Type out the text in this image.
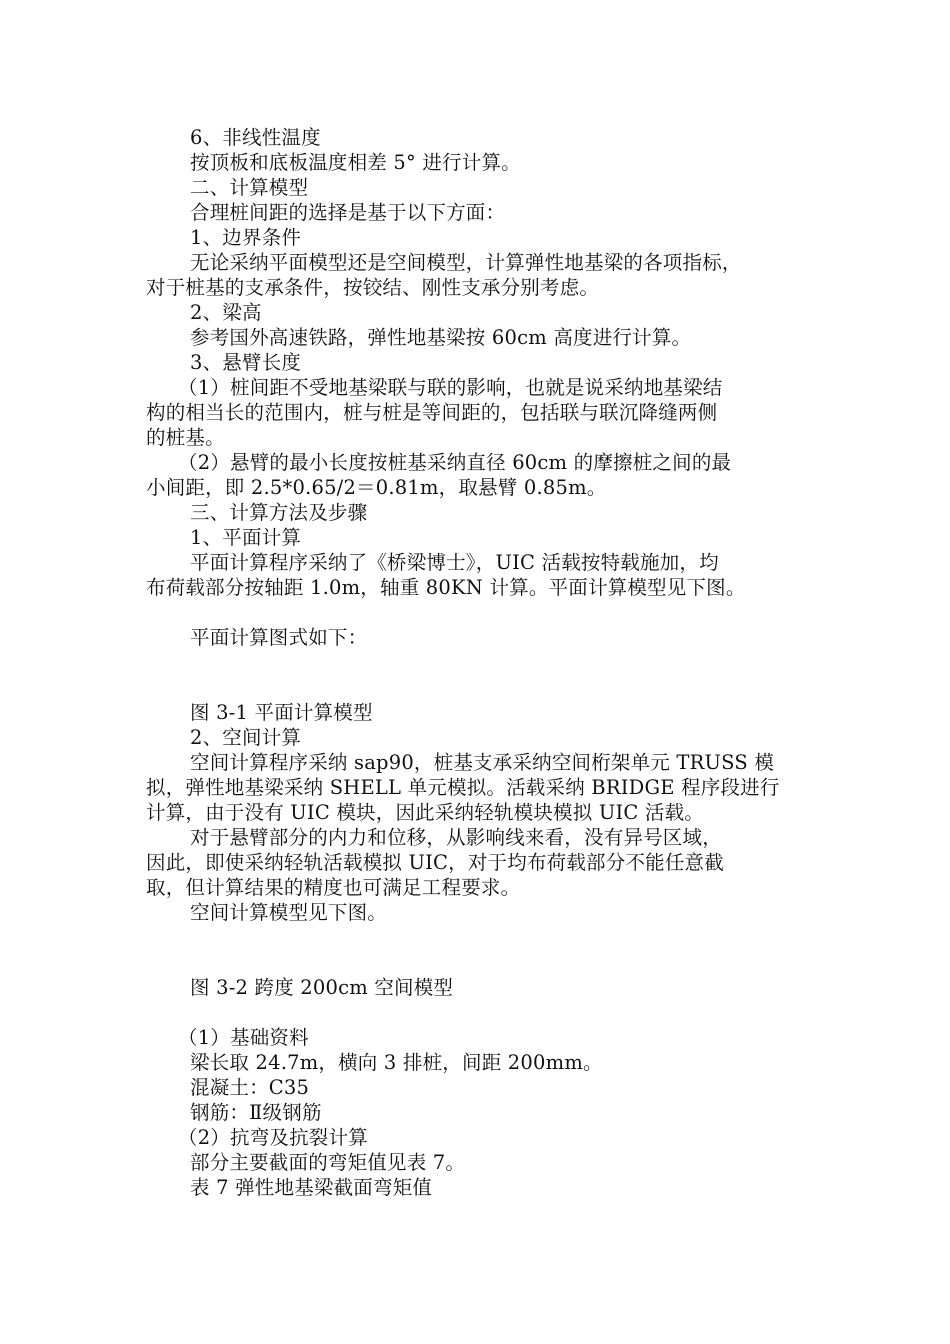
6、非线性温度
按顶板和底板温度相差 5° 进行计算。
二、计算模型
合理桩间距的选择是基于以下方面：
1、边界条件
无论采纳平面模型还是空间模型，计算弹性地基梁的各项指标，
对于桩基的支承条件，按铰结、刚性支承分别考虑。
2、梁高
参考国外高速铁路，弹性地基梁按 60cm 高度进行计算。
3、悬臂长度
（1）桩间距不受地基梁联与联的影响，也就是说采纳地基梁结
构的相当长的范围内，桩与桩是等间距的，包括联与联沉降缝两侧
的桩基。
（2）悬臂的最小长度按桩基采纳直径 60cm 的摩擦桩之间的最
小间距，即 2.5*0.65/2＝0.81m，取悬臂 0.85m。
三、计算方法及步骤
1、平面计算
平面计算程序采纳了《桥梁博士》，UIC 活载按特载施加，均
布荷载部分按轴距 1.0m，轴重 80KN 计算。平面计算模型见下图。
平面计算图式如下：
图 3-1 平面计算模型
2、空间计算
空间计算程序采纳 sap90，桩基支承采纳空间桁架单元 TRUSS 模
拟，弹性地基梁采纳 SHELL 单元模拟。活载采纳 BRIDGE 程序段进行
计算，由于没有 UIC 模块，因此采纳轻轨模块模拟 UIC 活载。
对于悬臂部分的内力和位移，从影响线来看，没有异号区域，
因此，即使采纳轻轨活载模拟 UIC，对于均布荷载部分不能任意截
取，但计算结果的精度也可满足工程要求。
空间计算模型见下图。
图 3-2 跨度 200cm 空间模型
（1）基础资料
梁长取 24.7m，横向 3 排桩，间距 200mm。
混凝土：C35
钢筋：Ⅱ级钢筋
（2）抗弯及抗裂计算
部分主要截面的弯矩值见表 7。
表 7 弹性地基梁截面弯矩值
